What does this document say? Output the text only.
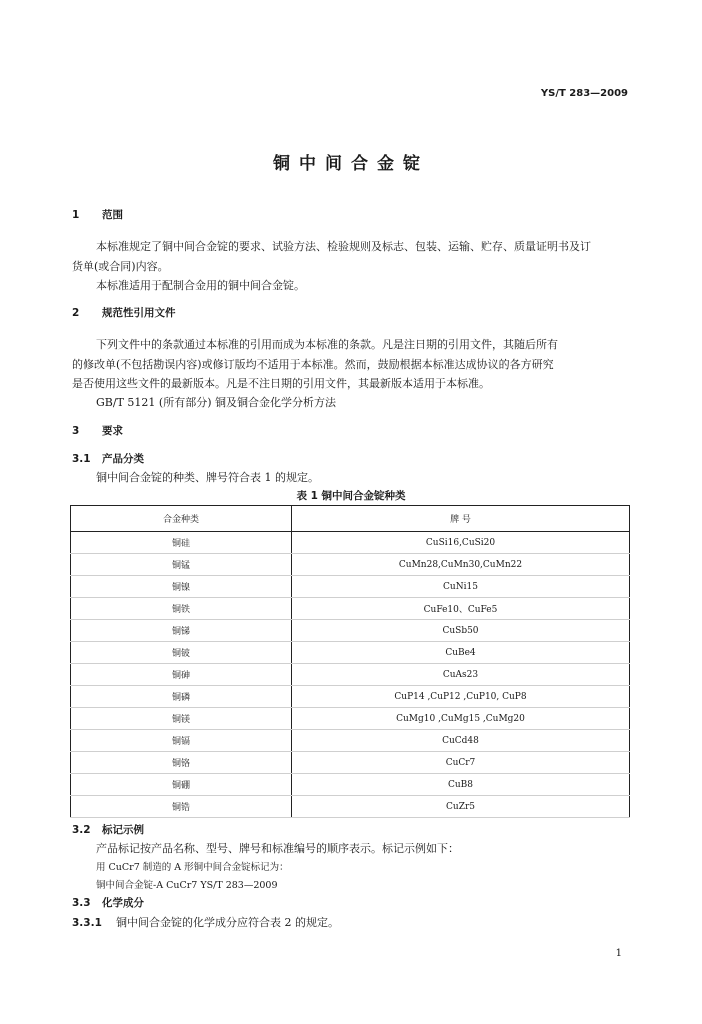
YS/T 283—2009
铜中间合金锭
1 范围
本标准规定了铜中间合金锭的要求、试验方法、检验规则及标志、包装、运输、贮存、质量证明书及订
货单(或合同)内容。
本标准适用于配制合金用的铜中间合金锭。
2 规范性引用文件
下列文件中的条款通过本标准的引用而成为本标准的条款。凡是注日期的引用文件，其随后所有
的修改单(不包括勘误内容)或修订版均不适用于本标准。然而，鼓励根据本标准达成协议的各方研究
是否使用这些文件的最新版本。凡是不注日期的引用文件，其最新版本适用于本标准。
GB/T 5121 (所有部分) 铜及铜合金化学分析方法
3 要求
3.1 产品分类
铜中间合金锭的种类、牌号符合表 1 的规定。
表 1 铜中间合金锭种类
合金种类	牌 号
铜硅	CuSi16,CuSi20
铜锰	CuMn28,CuMn30,CuMn22
铜镍	CuNi15
铜铁	CuFe10、CuFe5
铜锑	CuSb50
铜铍	CuBe4
铜砷	CuAs23
铜磷	CuP14 ,CuP12 ,CuP10, CuP8
铜镁	CuMg10 ,CuMg15 ,CuMg20
铜镉	CuCd48
铜铬	CuCr7
铜硼	CuB8
铜锆	CuZr5
3.2 标记示例
产品标记按产品名称、型号、牌号和标准编号的顺序表示。标记示例如下：
用 CuCr7 制造的 A 形铜中间合金锭标记为：
铜中间合金锭-A CuCr7 YS/T 283—2009
3.3 化学成分
3.3.1 铜中间合金锭的化学成分应符合表 2 的规定。
1
